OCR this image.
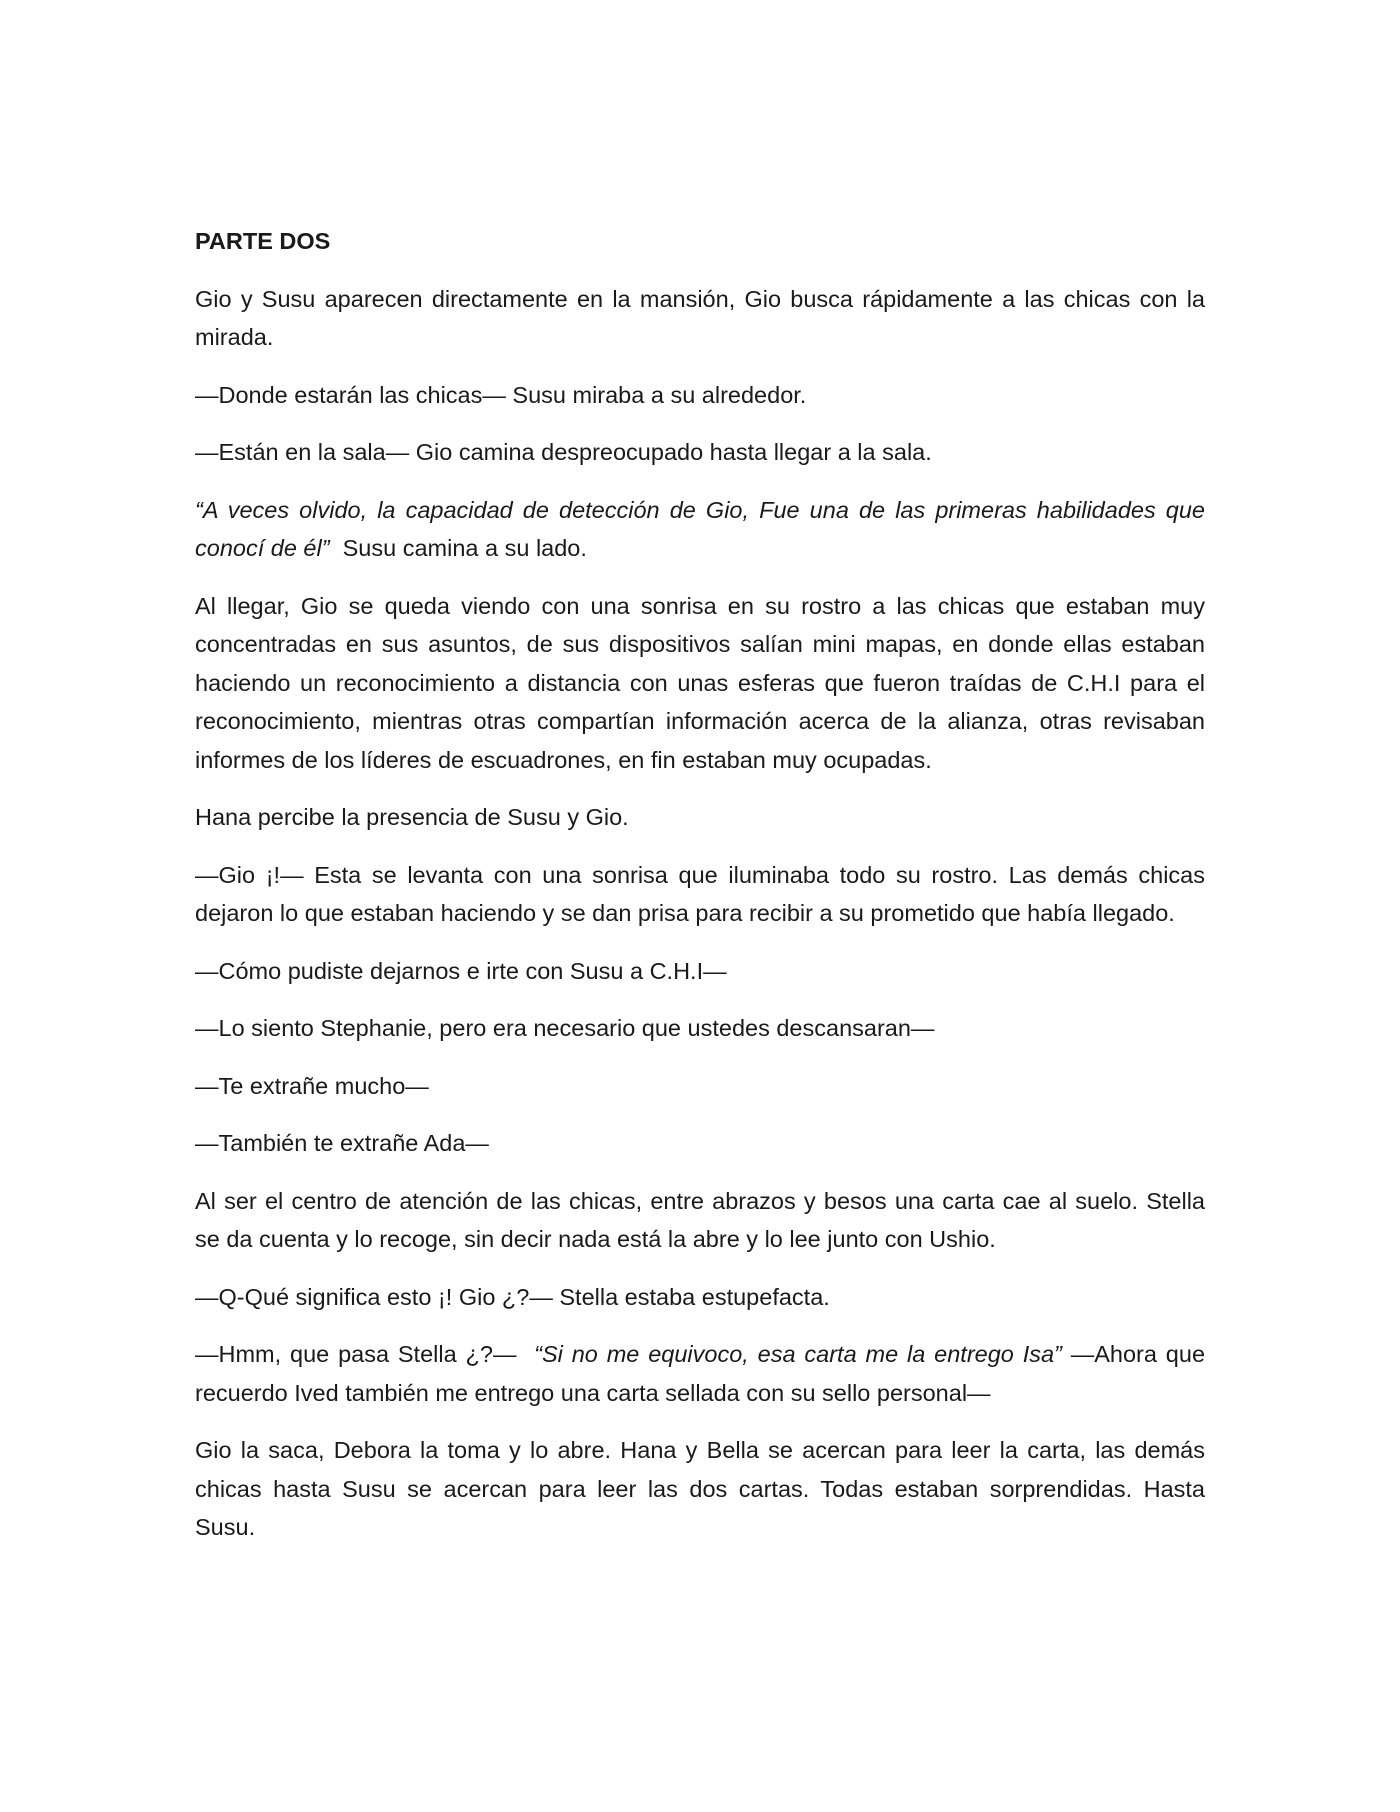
PARTE DOS

Gio y Susu aparecen directamente en la mansión, Gio busca rápidamente a las chicas con la mirada.

—Donde estarán las chicas— Susu miraba a su alrededor.

—Están en la sala— Gio camina despreocupado hasta llegar a la sala.

“A veces olvido, la capacidad de detección de Gio, Fue una de las primeras habilidades que conocí de él”  Susu camina a su lado.

Al llegar, Gio se queda viendo con una sonrisa en su rostro a las chicas que estaban muy concentradas en sus asuntos, de sus dispositivos salían mini mapas, en donde ellas estaban haciendo un reconocimiento a distancia con unas esferas que fueron traídas de C.H.I para el reconocimiento, mientras otras compartían información acerca de la alianza, otras revisaban informes de los líderes de escuadrones, en fin estaban muy ocupadas.

Hana percibe la presencia de Susu y Gio.

—Gio ¡!— Esta se levanta con una sonrisa que iluminaba todo su rostro. Las demás chicas dejaron lo que estaban haciendo y se dan prisa para recibir a su prometido que había llegado.

—Cómo pudiste dejarnos e irte con Susu a C.H.I—

—Lo siento Stephanie, pero era necesario que ustedes descansaran—

—Te extrañe mucho—

—También te extrañe Ada—

Al ser el centro de atención de las chicas, entre abrazos y besos una carta cae al suelo. Stella se da cuenta y lo recoge, sin decir nada está la abre y lo lee junto con Ushio.

—Q-Qué significa esto ¡! Gio ¿?— Stella estaba estupefacta.

—Hmm, que pasa Stella ¿?—  “Si no me equivoco, esa carta me la entrego Isa” —Ahora que recuerdo Ived también me entrego una carta sellada con su sello personal—

Gio la saca, Debora la toma y lo abre. Hana y Bella se acercan para leer la carta, las demás chicas hasta Susu se acercan para leer las dos cartas. Todas estaban sorprendidas. Hasta Susu.
